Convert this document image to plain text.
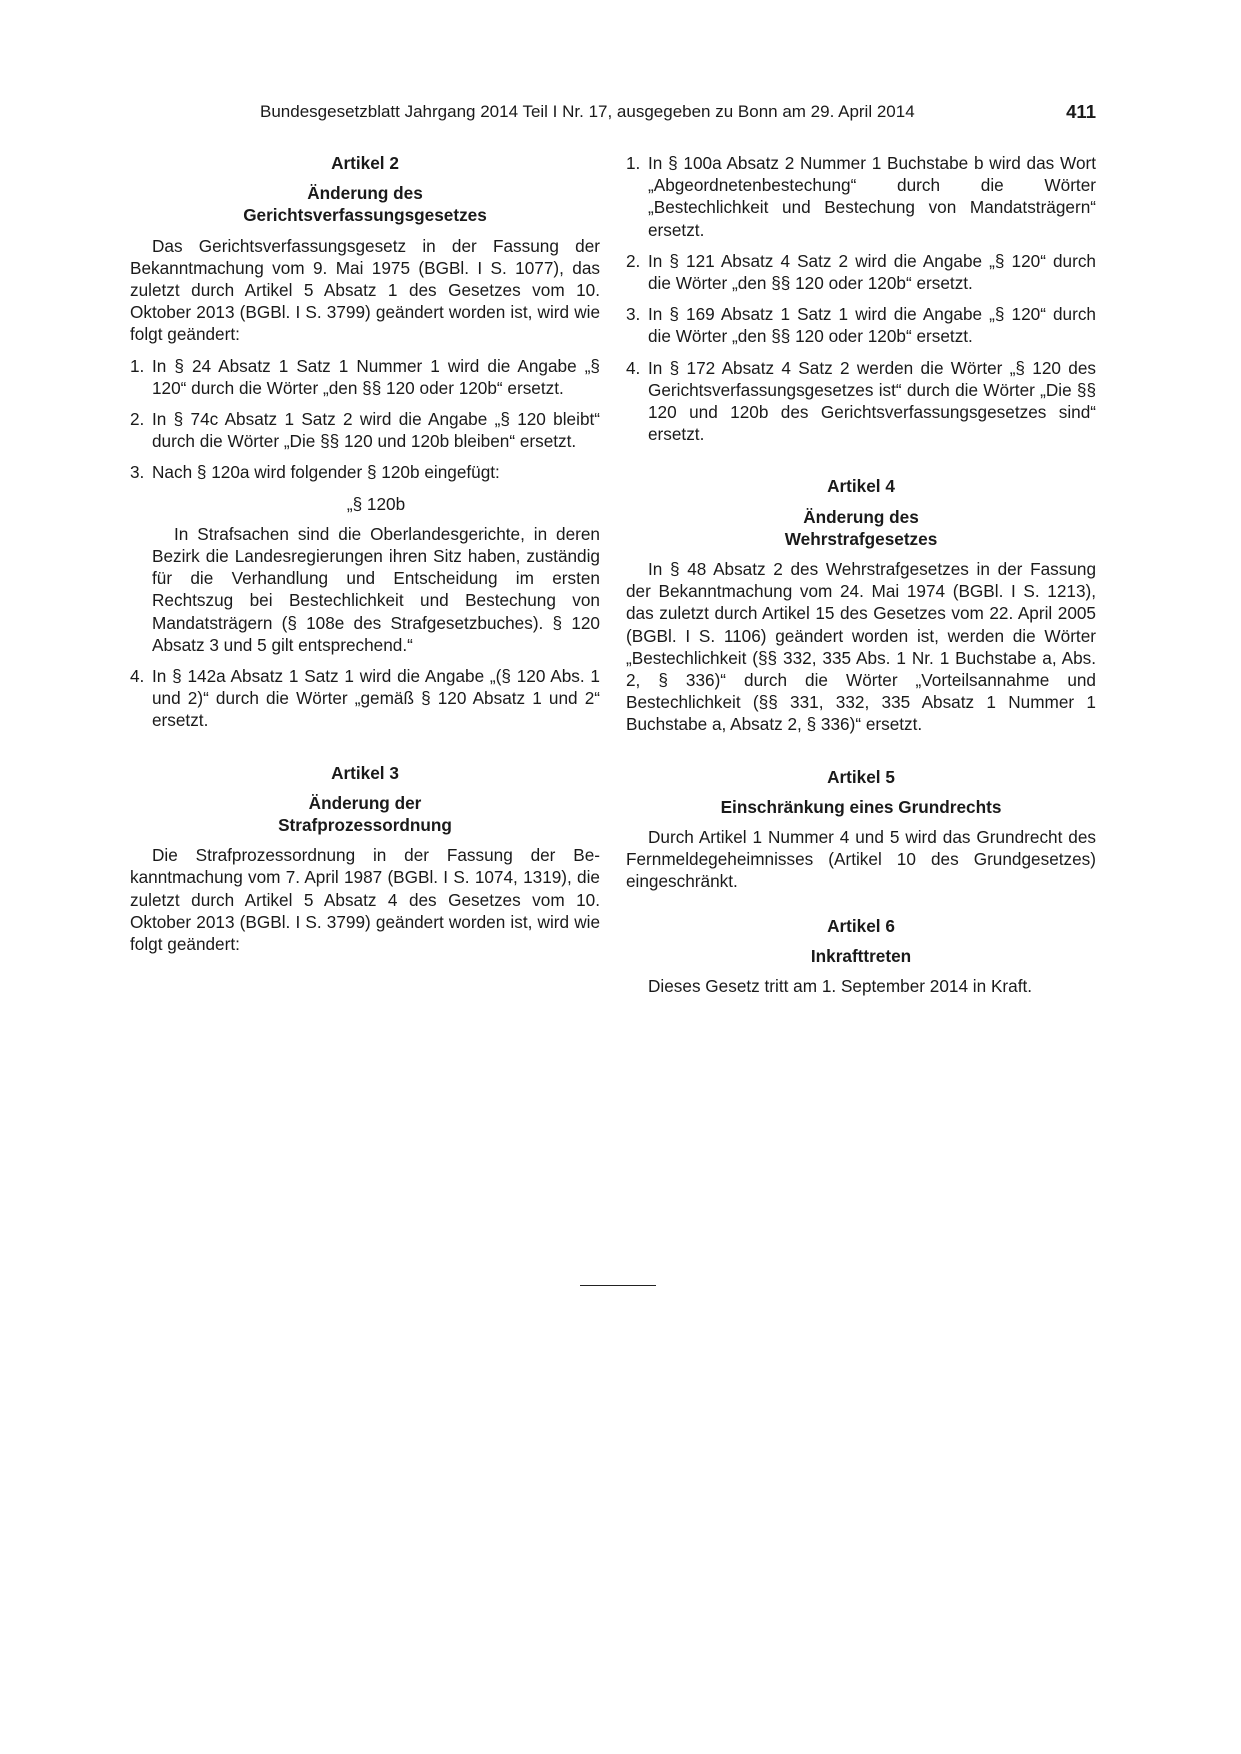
Bundesgesetzblatt Jahrgang 2014 Teil I Nr. 17, ausgegeben zu Bonn am 29. April 2014	411
Artikel 2
Änderung des
Gerichtsverfassungsgesetzes

Das Gerichtsverfassungsgesetz in der Fassung der Bekanntmachung vom 9. Mai 1975 (BGBl. I S. 1077), das zuletzt durch Artikel 5 Absatz 1 des Gesetzes vom 10. Oktober 2013 (BGBl. I S. 3799) geändert worden ist, wird wie folgt geändert:

1. In § 24 Absatz 1 Satz 1 Nummer 1 wird die Angabe „§ 120“ durch die Wörter „den §§ 120 oder 120b“ ersetzt.
2. In § 74c Absatz 1 Satz 2 wird die Angabe „§ 120 bleibt“ durch die Wörter „Die §§ 120 und 120b bleiben“ ersetzt.
3. Nach § 120a wird folgender § 120b eingefügt:
„§ 120b

In Strafsachen sind die Oberlandesgerichte, in deren Bezirk die Landesregierungen ihren Sitz haben, zuständig für die Verhandlung und Entscheidung im ersten Rechtszug bei Bestechlichkeit und Bestechung von Mandatsträgern (§ 108e des Strafgesetzbuches). § 120 Absatz 3 und 5 gilt entsprechend.“

4. In § 142a Absatz 1 Satz 1 wird die Angabe „(§ 120 Abs. 1 und 2)“ durch die Wörter „gemäß § 120 Absatz 1 und 2“ ersetzt.
Artikel 3
Änderung der
Strafprozessordnung

Die Strafprozessordnung in der Fassung der Bekanntmachung vom 7. April 1987 (BGBl. I S. 1074, 1319), die zuletzt durch Artikel 5 Absatz 4 des Gesetzes vom 10. Oktober 2013 (BGBl. I S. 3799) geändert worden ist, wird wie folgt geändert:

1. In § 100a Absatz 2 Nummer 1 Buchstabe b wird das Wort „Abgeordnetenbestechung“ durch die Wörter „Bestechlichkeit und Bestechung von Mandatsträgern“ ersetzt.
2. In § 121 Absatz 4 Satz 2 wird die Angabe „§ 120“ durch die Wörter „den §§ 120 oder 120b“ ersetzt.
3. In § 169 Absatz 1 Satz 1 wird die Angabe „§ 120“ durch die Wörter „den §§ 120 oder 120b“ ersetzt.
4. In § 172 Absatz 4 Satz 2 werden die Wörter „§ 120 des Gerichtsverfassungsgesetzes ist“ durch die Wörter „Die §§ 120 und 120b des Gerichtsverfassungsgesetzes sind“ ersetzt.
Artikel 4
Änderung des
Wehrstrafgesetzes

In § 48 Absatz 2 des Wehrstrafgesetzes in der Fassung der Bekanntmachung vom 24. Mai 1974 (BGBl. I S. 1213), das zuletzt durch Artikel 15 des Gesetzes vom 22. April 2005 (BGBl. I S. 1106) geändert worden ist, werden die Wörter „Bestechlichkeit (§§ 332, 335 Abs. 1 Nr. 1 Buchstabe a, Abs. 2, § 336)“ durch die Wörter „Vorteilsannahme und Bestechlichkeit (§§ 331, 332, 335 Absatz 1 Nummer 1 Buchstabe a, Absatz 2, § 336)“ ersetzt.

Artikel 5
Einschränkung eines Grundrechts

Durch Artikel 1 Nummer 4 und 5 wird das Grundrecht des Fernmeldegeheimnisses (Artikel 10 des Grundgesetzes) eingeschränkt.

Artikel 6
Inkrafttreten

Dieses Gesetz tritt am 1. September 2014 in Kraft.
